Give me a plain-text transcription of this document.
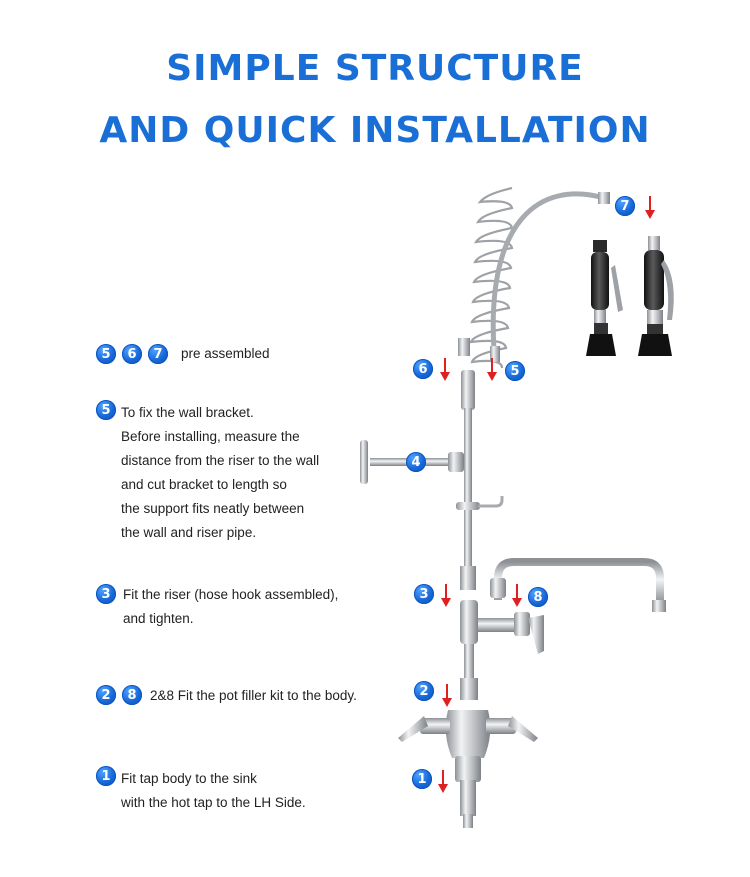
SIMPLE STRUCTURE
AND QUICK INSTALLATION
5	6	7	pre assembled
5 To fix the wall bracket.
Before installing, measure the
distance from the riser to the wall
and cut bracket to length so
the support fits neatly between
the wall and riser pipe.
3 Fit the riser (hose hook assembled),
and tighten.
2	8 2&8 Fit the pot filler kit to the body.
1 Fit tap body to the sink
with the hot tap to the LH Side.
7
6	5
4
3	8
2
1
